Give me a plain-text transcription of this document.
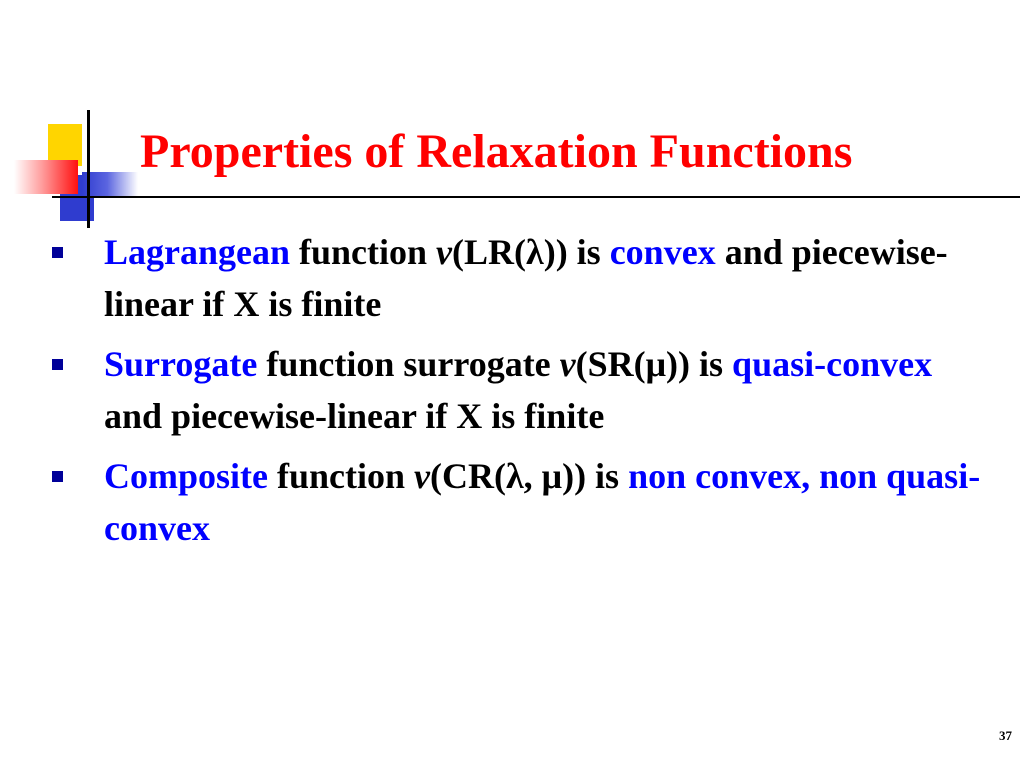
Properties of Relaxation Functions
Lagrangean function v(LR(λ)) is convex and piecewise-linear if X is finite
Surrogate function surrogate v(SR(μ)) is quasi-convex and piecewise-linear if X is finite
Composite function v(CR(λ, μ)) is non convex, non quasi-convex
37
